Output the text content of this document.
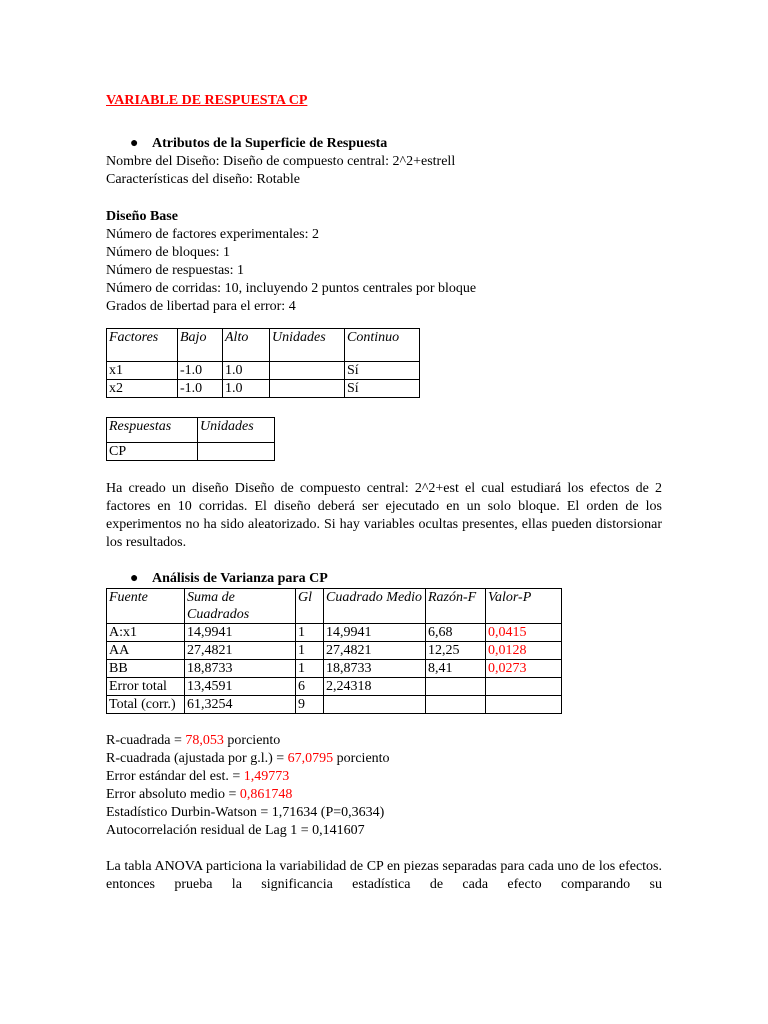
VARIABLE DE RESPUESTA CP

● Atributos de la Superficie de Respuesta

Nombre del Diseño: Diseño de compuesto central: 2^2+estrell

Características del diseño: Rotable

Diseño Base

Número de factores experimentales: 2

Número de bloques: 1

Número de respuestas: 1

Número de corridas: 10, incluyendo 2 puntos centrales por bloque

Grados de libertad para el error: 4

Factores	Bajo	Alto	Unidades	Continuo
x1	-1.0	1.0		Sí
x2	-1.0	1.0		Sí
Respuestas	Unidades
CP	

Ha creado un diseño Diseño de compuesto central: 2^2+est el cual estudiará los efectos de 2 factores en 10 corridas. El diseño deberá ser ejecutado en un solo bloque. El orden de los experimentos no ha sido aleatorizado. Si hay variables ocultas presentes, ellas pueden distorsionar los resultados.

● Análisis de Varianza para CP

Fuente	Suma de Cuadrados	Gl	Cuadrado Medio	Razón-F	Valor-P
A:x1	14,9941	1	14,9941	6,68	0,0415
AA	27,4821	1	27,4821	12,25	0,0128
BB	18,8733	1	18,8733	8,41	0,0273
Error total	13,4591	6	2,24318		
Total (corr.)	61,3254	9			

R-cuadrada = 78,053 porciento

R-cuadrada (ajustada por g.l.) = 67,0795 porciento

Error estándar del est. = 1,49773

Error absoluto medio = 0,861748

Estadístico Durbin-Watson = 1,71634 (P=0,3634)

Autocorrelación residual de Lag 1 = 0,141607

La tabla ANOVA particiona la variabilidad de CP en piezas separadas para cada uno de los efectos. entonces prueba la significancia estadística de cada efecto comparando su
